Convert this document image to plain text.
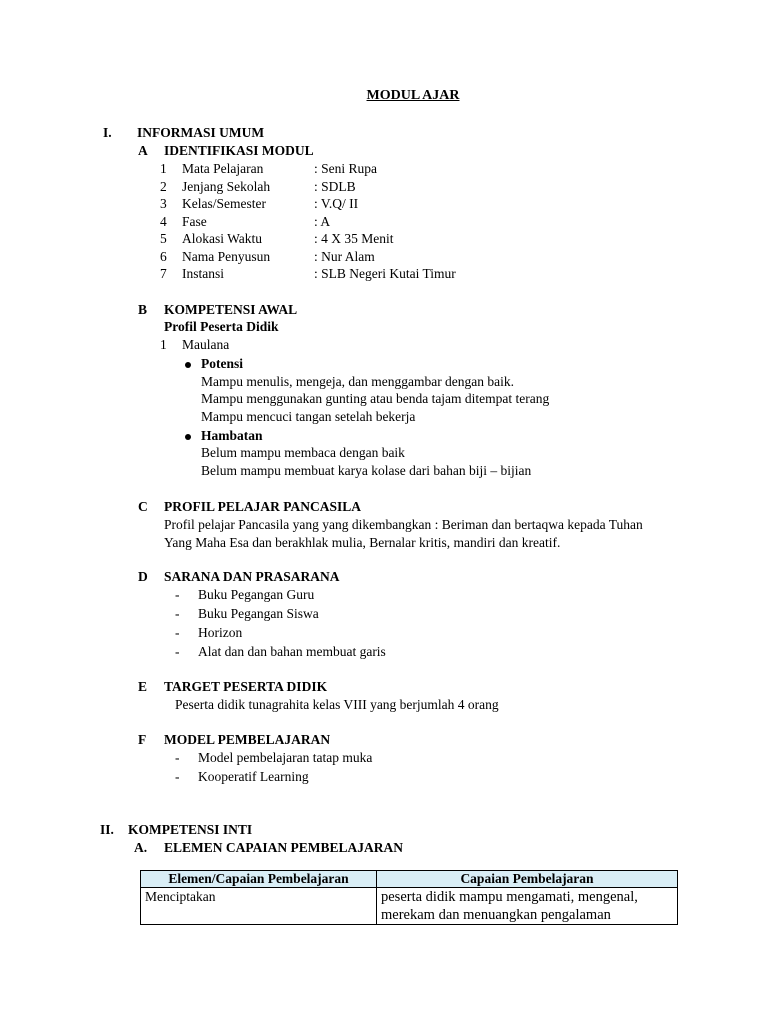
MODUL AJAR
I. INFORMASI UMUM
A IDENTIFIKASI MODUL
1 Mata Pelajaran	: Seni Rupa
2 Jenjang Sekolah	: SDLB
3 Kelas/Semester	: V.Q/ II
4 Fase	: A
5 Alokasi Waktu	: 4 X 35 Menit
6 Nama Penyusun	: Nur Alam
7 Instansi	: SLB Negeri Kutai Timur
B KOMPETENSI AWAL
Profil Peserta Didik
1 Maulana
Potensi
Mampu menulis, mengeja, dan menggambar dengan baik.
Mampu menggunakan gunting atau benda tajam ditempat terang
Mampu mencuci tangan setelah bekerja
Hambatan
Belum mampu membaca dengan baik
Belum mampu membuat karya kolase dari bahan biji – bijian
C PROFIL PELAJAR PANCASILA
Profil pelajar Pancasila yang yang dikembangkan : Beriman dan bertaqwa kepada Tuhan
Yang Maha Esa dan berakhlak mulia, Bernalar kritis, mandiri dan kreatif.
D SARANA DAN PRASARANA
- Buku Pegangan Guru
- Buku Pegangan Siswa
- Horizon
- Alat dan dan bahan membuat garis
E TARGET PESERTA DIDIK
Peserta didik tunagrahita kelas VIII yang berjumlah 4 orang
F MODEL PEMBELAJARAN
- Model pembelajaran tatap muka
- Kooperatif Learning
II. KOMPETENSI INTI
A. ELEMEN CAPAIAN PEMBELAJARAN
Elemen/Capaian Pembelajaran	Capaian Pembelajaran
Menciptakan	peserta didik mampu mengamati, mengenal,
merekam dan menuangkan pengalaman
